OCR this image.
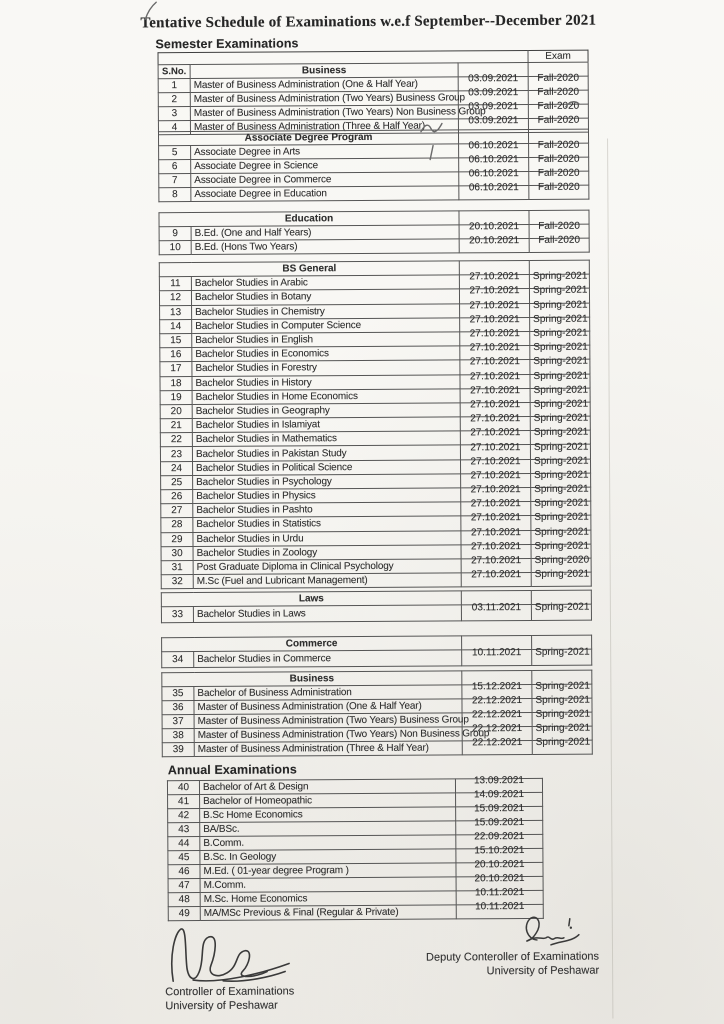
Tentative Schedule of Examinations w.e.f September--December 2021
Semester Examinations
			Exam
S.No.	Business		
1	Master of Business Administration (One & Half Year)	03.09.2021	Fall-2020
2	Master of Business Administration (Two Years) Business Group	03.09.2021	Fall-2020
3	Master of Business Administration (Two Years) Non Business Group	03.09.2021	Fall-2020
4	Master of Business Administration (Three & Half Year)	03.09.2021	Fall-2020
Associate Degree Program			
5	Associate Degree in Arts	06.10.2021	Fall-2020
6	Associate Degree in Science	06.10.2021	Fall-2020
7	Associate Degree in Commerce	06.10.2021	Fall-2020
8	Associate Degree in Education	06.10.2021	Fall-2020
Education			
9	B.Ed. (One and Half Years)	20.10.2021	Fall-2020
10	B.Ed. (Hons Two Years)	20.10.2021	Fall-2020
BS General			
11	Bachelor Studies in Arabic	27.10.2021	Spring-2021
12	Bachelor Studies in Botany	27.10.2021	Spring-2021
13	Bachelor Studies in Chemistry	27.10.2021	Spring-2021
14	Bachelor Studies in Computer Science	27.10.2021	Spring-2021
15	Bachelor Studies in English	27.10.2021	Spring-2021
16	Bachelor Studies in Economics	27.10.2021	Spring-2021
17	Bachelor Studies in Forestry	27.10.2021	Spring-2021
18	Bachelor Studies in History	27.10.2021	Spring-2021
19	Bachelor Studies in Home Economics	27.10.2021	Spring-2021
20	Bachelor Studies in Geography	27.10.2021	Spring-2021
21	Bachelor Studies in Islamiyat	27.10.2021	Spring-2021
22	Bachelor Studies in Mathematics	27.10.2021	Spring-2021
23	Bachelor Studies in Pakistan Study	27.10.2021	Spring-2021
24	Bachelor Studies in Political Science	27.10.2021	Spring-2021
25	Bachelor Studies in Psychology	27.10.2021	Spring-2021
26	Bachelor Studies in Physics	27.10.2021	Spring-2021
27	Bachelor Studies in Pashto	27.10.2021	Spring-2021
28	Bachelor Studies in Statistics	27.10.2021	Spring-2021
29	Bachelor Studies in Urdu	27.10.2021	Spring-2021
30	Bachelor Studies in Zoology	27.10.2021	Spring-2021
31	Post Graduate Diploma in Clinical Psychology	27.10.2021	Spring-2020
32	M.Sc (Fuel and Lubricant Management)	27.10.2021	Spring-2021
Laws			
33	Bachelor Studies in Laws	03.11.2021	Spring-2021
Commerce			
34	Bachelor Studies in Commerce	10.11.2021	Spring-2021
Business			
35	Bachelor of Business Administration	15.12.2021	Spring-2021
36	Master of Business Administration (One & Half Year)	22.12.2021	Spring-2021
37	Master of Business Administration (Two Years) Business Group	22.12.2021	Spring-2021
38	Master of Business Administration (Two Years) Non Business Group	22.12.2021	Spring-2021
39	Master of Business Administration (Three & Half Year)	22.12.2021	Spring-2021
Annual Examinations
40	Bachelor of Art & Design	13.09.2021
41	Bachelor of Homeopathic	14.09.2021
42	B.Sc Home Economics	15.09.2021
43	BA/BSc.	15.09.2021
44	B.Comm.	22.09.2021
45	B.Sc. In Geology	15.10.2021
46	M.Ed. ( 01-year degree Program )	20.10.2021
47	M.Comm.	20.10.2021
48	M.Sc. Home Economics	10.11.2021
49	MA/MSc Previous & Final (Regular & Private)	10.11.2021
Controller of Examinations
University of Peshawar
Deputy Conteroller of Examinations
University of Peshawar
